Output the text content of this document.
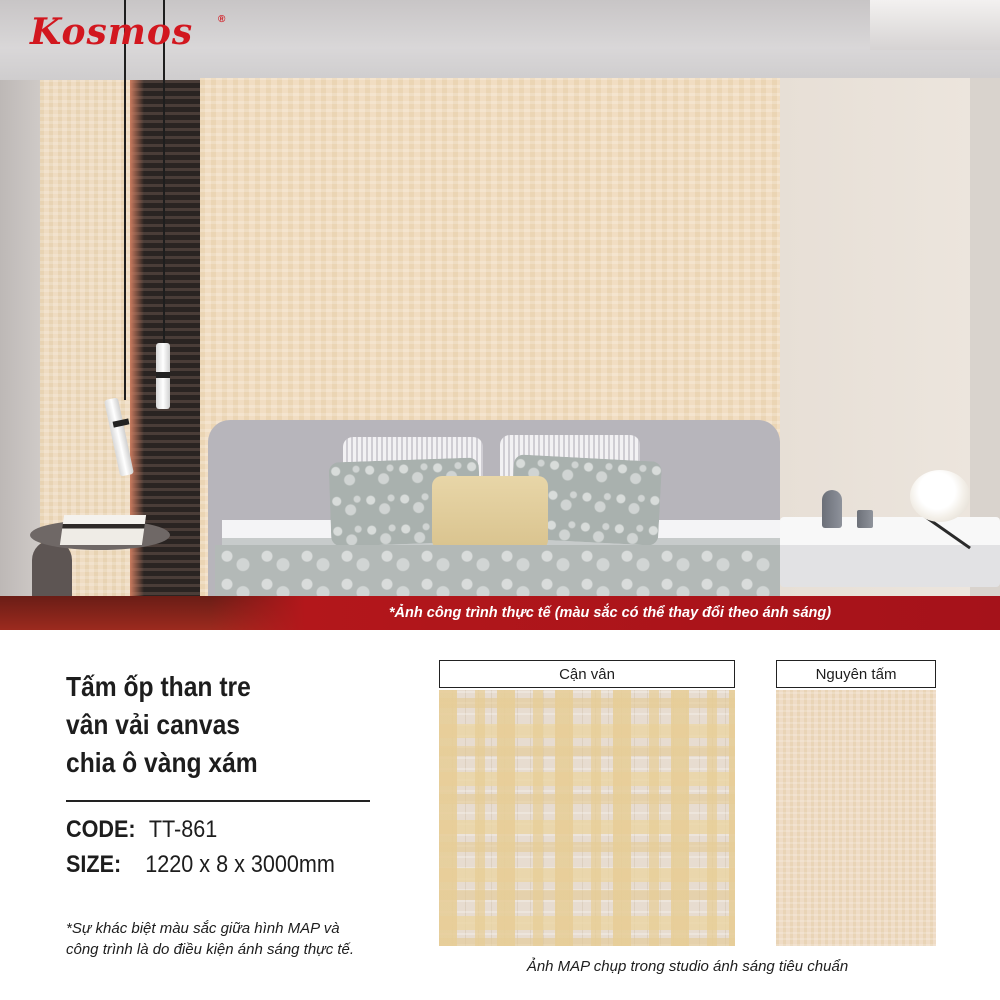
*Ảnh công trình thực tế (màu sắc có thể thay đổi theo ánh sáng)
Kosmos ®
Tấm ốp than tre
vân vải canvas
chia ô vàng xám
CODE: TT-861
SIZE: 1220 x 8 x 3000mm
*Sự khác biệt màu sắc giữa hình MAP và
công trình là do điều kiện ánh sáng thực tế.
Cận vân	Nguyên tấm
Ảnh MAP chụp trong studio ánh sáng tiêu chuẩn
